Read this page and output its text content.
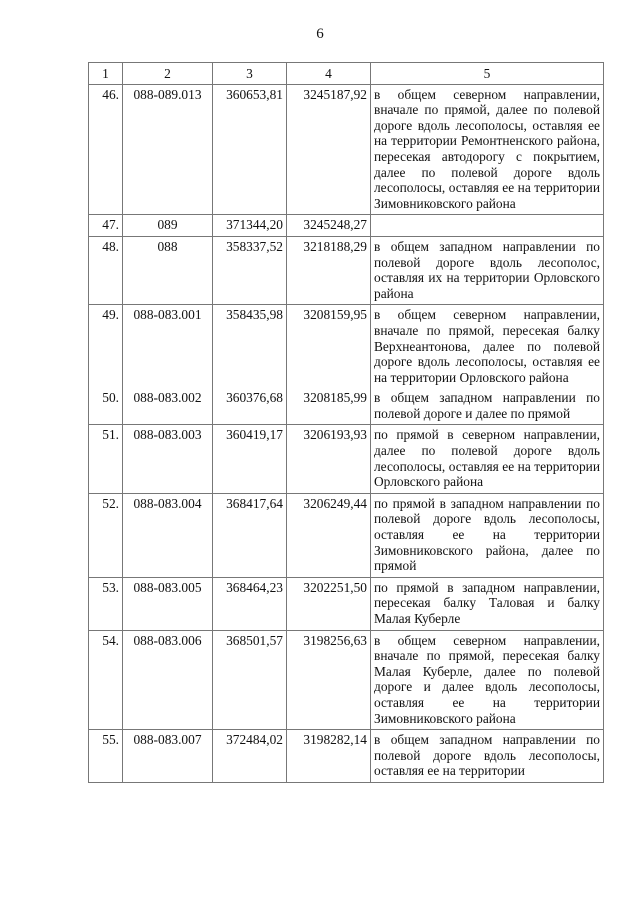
6
1	2	3	4	5
46.	088-089.013	360653,81	3245187,92	в общем северном направлении, вначале по прямой, далее по полевой дороге вдоль лесополосы, оставляя ее на территории Ремонтненского района, пересекая автодорогу с покрытием, далее по полевой дороге вдоль лесополосы, оставляя ее на территории Зимовниковского района
47.	089	371344,20	3245248,27	
48.	088	358337,52	3218188,29	в общем западном направлении по полевой дороге вдоль лесополос, оставляя их на территории Орловского района
49.	088-083.001	358435,98	3208159,95	в общем северном направлении, вначале по прямой, пересекая балку Верхнеантонова, далее по полевой дороге вдоль лесополосы, оставляя ее на территории Орловского района
50.	088-083.002	360376,68	3208185,99	в общем западном направлении по полевой дороге и далее по прямой
51.	088-083.003	360419,17	3206193,93	по прямой в северном направлении, далее по полевой дороге вдоль лесополосы, оставляя ее на территории Орловского района
52.	088-083.004	368417,64	3206249,44	по прямой в западном направлении по полевой дороге вдоль лесополосы, оставляя ее на территории Зимовниковского района, далее по прямой
53.	088-083.005	368464,23	3202251,50	по прямой в западном направлении, пересекая балку Таловая и балку Малая Куберле
54.	088-083.006	368501,57	3198256,63	в общем северном направлении, вначале по прямой, пересекая балку Малая Куберле, далее по полевой дороге и далее вдоль лесополосы, оставляя ее на территории Зимовниковского района
55.	088-083.007	372484,02	3198282,14	в общем западном направлении по полевой дороге вдоль лесополосы, оставляя ее на территории
